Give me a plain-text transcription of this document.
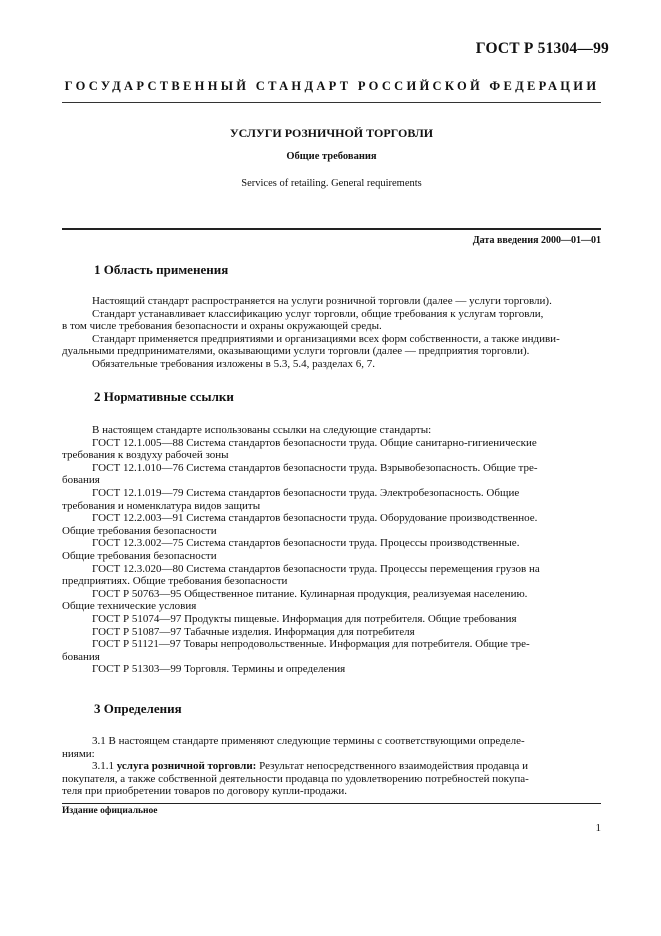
ГОСТ Р 51304—99
ГОСУДАРСТВЕННЫЙ СТАНДАРТ РОССИЙСКОЙ ФЕДЕРАЦИИ
УСЛУГИ РОЗНИЧНОЙ ТОРГОВЛИ
Общие требования
Services of retailing. General requirements
Дата введения 2000—01—01
1 Область применения
Настоящий стандарт распространяется на услуги розничной торговли (далее — услуги торговли).
Стандарт устанавливает классификацию услуг торговли, общие требования к услугам торговли,
в том числе требования безопасности и охраны окружающей среды.
Стандарт применяется предприятиями и организациями всех форм собственности, а также индиви-
дуальными предпринимателями, оказывающими услуги торговли (далее — предприятия торговли).
Обязательные требования изложены в 5.3, 5.4, разделах 6, 7.
2 Нормативные ссылки
В настоящем стандарте использованы ссылки на следующие стандарты:
ГОСТ 12.1.005—88 Система стандартов безопасности труда. Общие санитарно-гигиенические
требования к воздуху рабочей зоны
ГОСТ 12.1.010—76 Система стандартов безопасности труда. Взрывобезопасность. Общие тре-
бования
ГОСТ 12.1.019—79 Система стандартов безопасности труда. Электробезопасность. Общие
требования и номенклатура видов защиты
ГОСТ 12.2.003—91 Система стандартов безопасности труда. Оборудование производственное.
Общие требования безопасности
ГОСТ 12.3.002—75 Система стандартов безопасности труда. Процессы производственные.
Общие требования безопасности
ГОСТ 12.3.020—80 Система стандартов безопасности труда. Процессы перемещения грузов на
предприятиях. Общие требования безопасности
ГОСТ Р 50763—95 Общественное питание. Кулинарная продукция, реализуемая населению.
Общие технические условия
ГОСТ Р 51074—97 Продукты пищевые. Информация для потребителя. Общие требования
ГОСТ Р 51087—97 Табачные изделия. Информация для потребителя
ГОСТ Р 51121—97 Товары непродовольственные. Информация для потребителя. Общие тре-
бования
ГОСТ Р 51303—99 Торговля. Термины и определения
3 Определения
3.1 В настоящем стандарте применяют следующие термины с соответствующими определе-
ниями:
3.1.1 услуга розничной торговли: Результат непосредственного взаимодействия продавца и
покупателя, а также собственной деятельности продавца по удовлетворению потребностей покупа-
теля при приобретении товаров по договору купли-продажи.
Издание официальное
1
